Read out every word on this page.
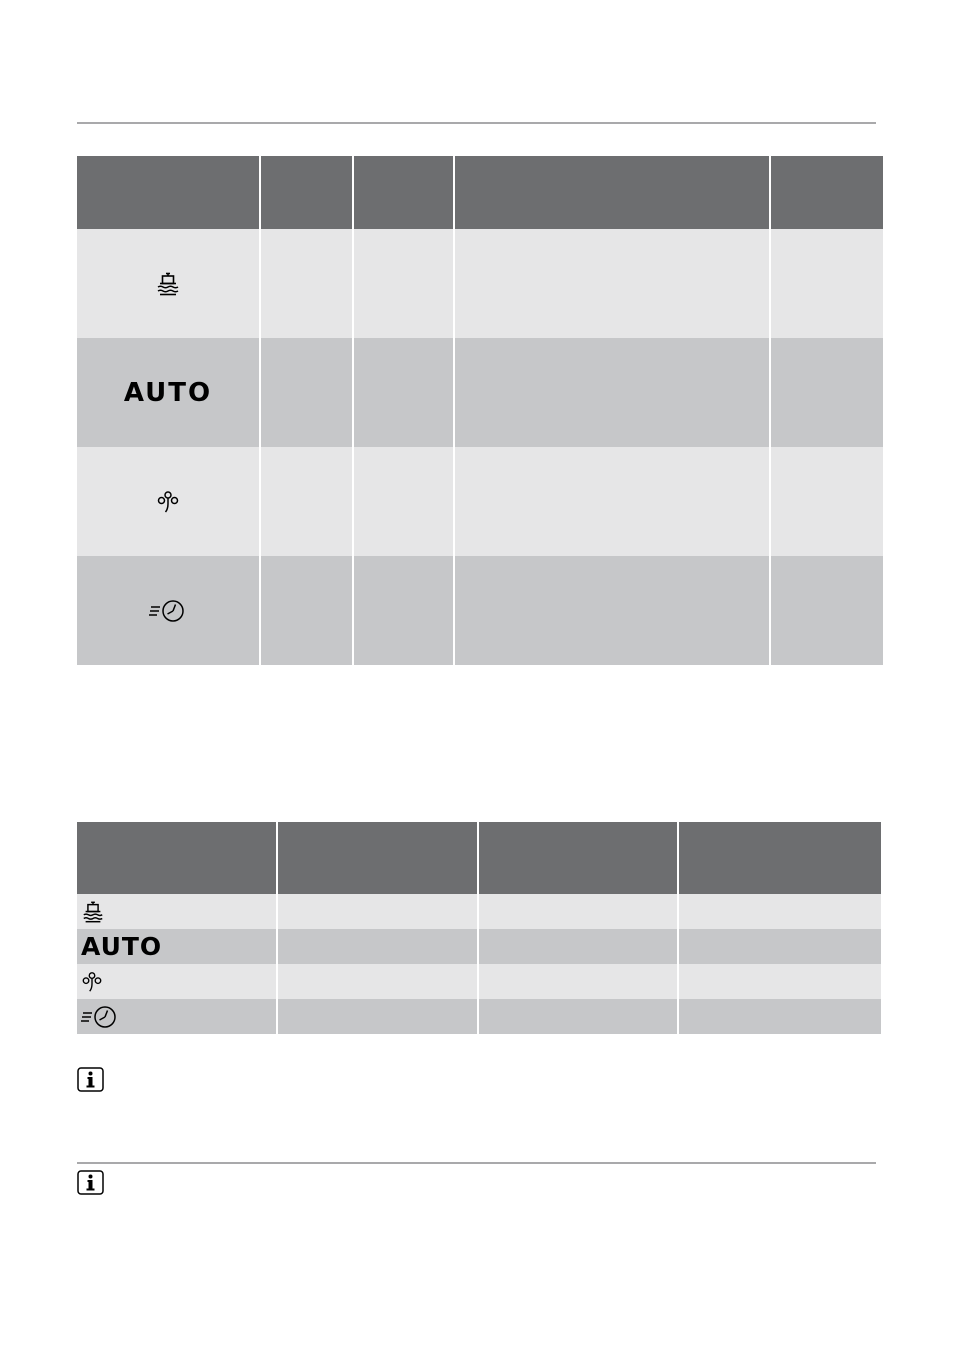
AUTO				

AUTO			
